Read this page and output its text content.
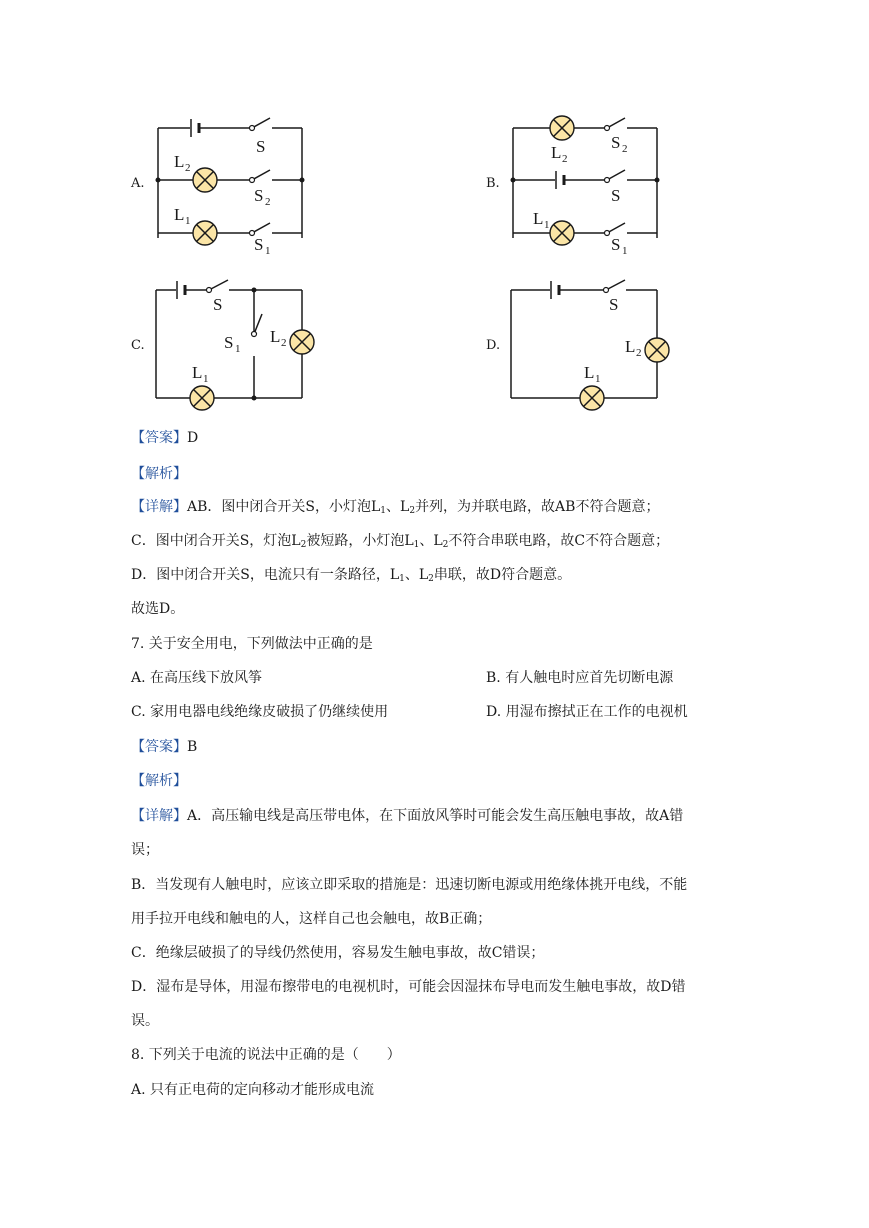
A.
S
L 2
S 2
L 1
S 1
B.
L 2
S 2
S
L 1
S 1
C.
S
S 1
L 2
L 1
D.
S
L 2
L 1
【答案】D
【解析】
【详解】AB．图中闭合开关S，小灯泡$L_1$、$L_2$并列，为并联电路，故AB不符合题意；
C．图中闭合开关S，灯泡$L_2$被短路，小灯泡$L_1$、$L_2$不符合串联电路，故C不符合题意；
D．图中闭合开关S，电流只有一条路径，$L_1$、$L_2$串联，故D符合题意。
故选D。
7. 关于安全用电，下列做法中正确的是
A. 在高压线下放风筝	B. 有人触电时应首先切断电源
C. 家用电器电线绝缘皮破损了仍继续使用	D. 用湿布擦拭正在工作的电视机
【答案】B
【解析】
【详解】A．高压输电线是高压带电体，在下面放风筝时可能会发生高压触电事故，故A错
误；
B．当发现有人触电时，应该立即采取的措施是：迅速切断电源或用绝缘体挑开电线，不能
用手拉开电线和触电的人，这样自己也会触电，故B正确；
C．绝缘层破损了的导线仍然使用，容易发生触电事故，故C错误；
D．湿布是导体，用湿布擦带电的电视机时，可能会因湿抹布导电而发生触电事故，故D错
误。
8. 下列关于电流的说法中正确的是（　　）
A. 只有正电荷的定向移动才能形成电流
